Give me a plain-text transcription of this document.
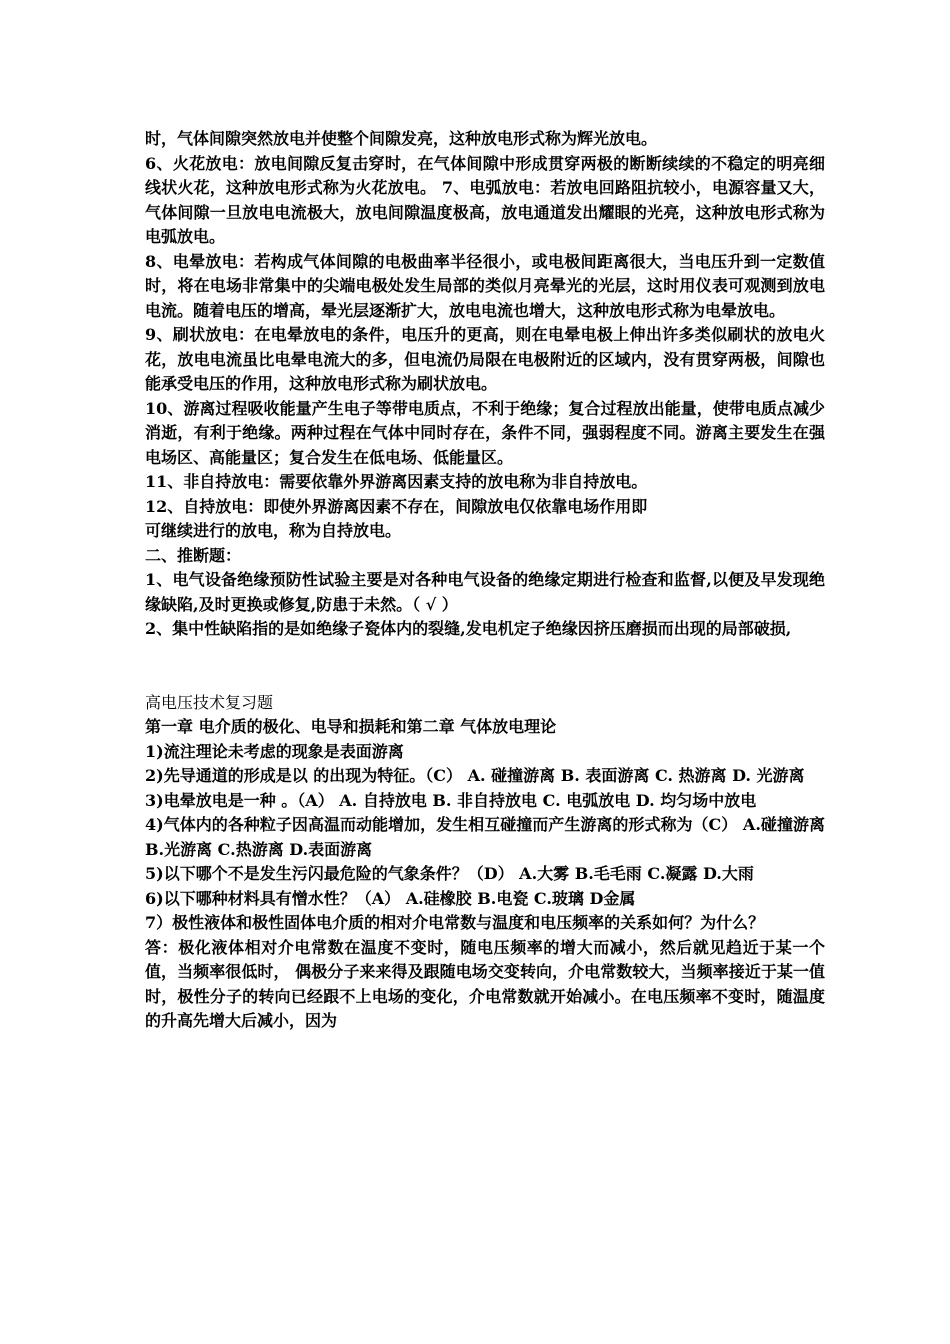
时，气体间隙突然放电并使整个间隙发亮，这种放电形式称为辉光放电。

6、火花放电：放电间隙反复击穿时，在气体间隙中形成贯穿两极的断断续续的不稳定的明亮细线状火花，这种放电形式称为火花放电。 7、电弧放电：若放电回路阻抗较小，电源容量又大，气体间隙一旦放电电流极大，放电间隙温度极高，放电通道发出耀眼的光亮，这种放电形式称为电弧放电。

8、电晕放电：若构成气体间隙的电极曲率半径很小，或电极间距离很大，当电压升到一定数值时，将在电场非常集中的尖端电极处发生局部的类似月亮晕光的光层，这时用仪表可观测到放电电流。随着电压的增高，晕光层逐渐扩大，放电电流也增大，这种放电形式称为电晕放电。

9、刷状放电：在电晕放电的条件，电压升的更高，则在电晕电极上伸出许多类似刷状的放电火花，放电电流虽比电晕电流大的多，但电流仍局限在电极附近的区域内，没有贯穿两极，间隙也能承受电压的作用，这种放电形式称为刷状放电。

10、游离过程吸收能量产生电子等带电质点，不利于绝缘；复合过程放出能量，使带电质点减少消逝，有利于绝缘。两种过程在气体中同时存在，条件不同，强弱程度不同。游离主要发生在强电场区、高能量区；复合发生在低电场、低能量区。

11、非自持放电：需要依靠外界游离因素支持的放电称为非自持放电。

12、自持放电：即使外界游离因素不存在，间隙放电仅依靠电场作用即

可继续进行的放电，称为自持放电。

二、推断题：

1、电气设备绝缘预防性试验主要是对各种电气设备的绝缘定期进行检查和监督,以便及早发现绝缘缺陷,及时更换或修复,防患于未然。（ √ ）

2、集中性缺陷指的是如绝缘子瓷体内的裂缝,发电机定子绝缘因挤压磨损而出现的局部破损,

高电压技术复习题

第一章 电介质的极化、电导和损耗和第二章 气体放电理论

1)流注理论未考虑的现象是表面游离

2)先导通道的形成是以 的出现为特征。（C） A. 碰撞游离 B. 表面游离 C. 热游离 D. 光游离

3)电晕放电是一种 。（A） A. 自持放电 B. 非自持放电 C. 电弧放电 D. 均匀场中放电

4)气体内的各种粒子因高温而动能增加，发生相互碰撞而产生游离的形式称为（C） A.碰撞游离 B.光游离 C.热游离 D.表面游离

5)以下哪个不是发生污闪最危险的气象条件？（D） A.大雾 B.毛毛雨 C.凝露 D.大雨

6)以下哪种材料具有憎水性？（A） A.硅橡胶 B.电瓷 C.玻璃 D金属

7）极性液体和极性固体电介质的相对介电常数与温度和电压频率的关系如何？为什么？

答：极化液体相对介电常数在温度不变时，随电压频率的增大而减小，然后就见趋近于某一个值，当频率很低时， 偶极分子来来得及跟随电场交变转向，介电常数较大，当频率接近于某一值时，极性分子的转向已经跟不上电场的变化，介电常数就开始减小。在电压频率不变时，随温度的升高先增大后减小，因为
